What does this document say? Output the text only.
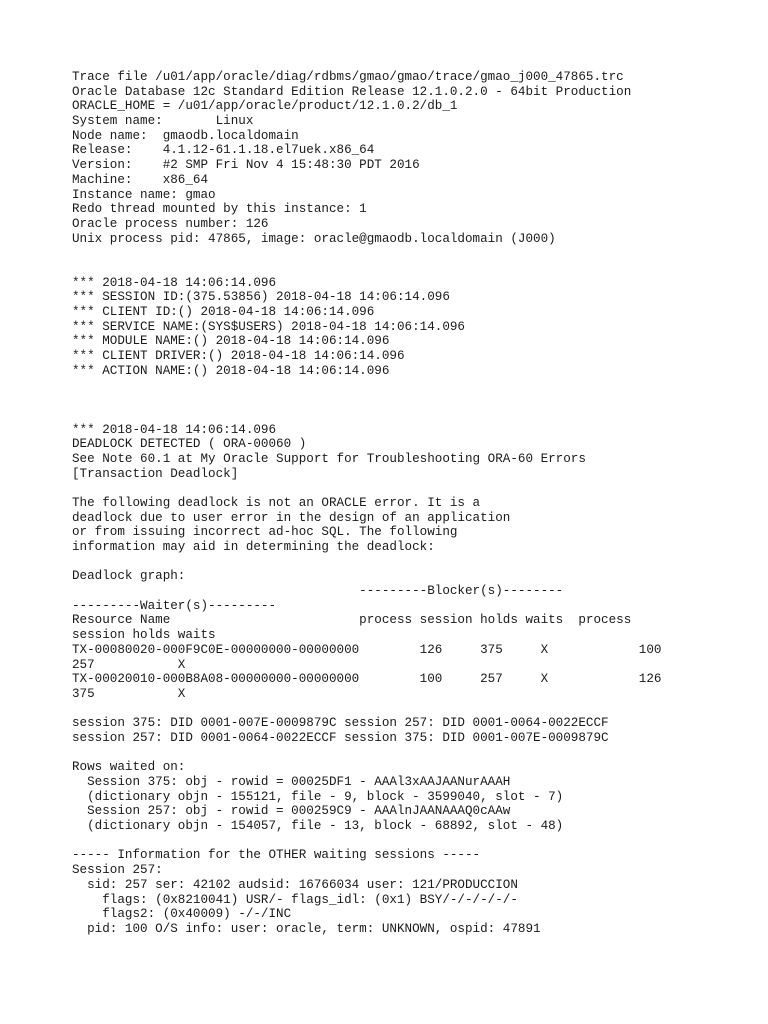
Trace file /u01/app/oracle/diag/rdbms/gmao/gmao/trace/gmao_j000_47865.trc
Oracle Database 12c Standard Edition Release 12.1.0.2.0 - 64bit Production
ORACLE_HOME = /u01/app/oracle/product/12.1.0.2/db_1
System name:       Linux
Node name:  gmaodb.localdomain
Release:    4.1.12-61.1.18.el7uek.x86_64
Version:    #2 SMP Fri Nov 4 15:48:30 PDT 2016
Machine:    x86_64
Instance name: gmao
Redo thread mounted by this instance: 1
Oracle process number: 126
Unix process pid: 47865, image: oracle@gmaodb.localdomain (J000)
*** 2018-04-18 14:06:14.096
*** SESSION ID:(375.53856) 2018-04-18 14:06:14.096
*** CLIENT ID:() 2018-04-18 14:06:14.096
*** SERVICE NAME:(SYS$USERS) 2018-04-18 14:06:14.096
*** MODULE NAME:() 2018-04-18 14:06:14.096
*** CLIENT DRIVER:() 2018-04-18 14:06:14.096
*** ACTION NAME:() 2018-04-18 14:06:14.096
*** 2018-04-18 14:06:14.096
DEADLOCK DETECTED ( ORA-00060 )
See Note 60.1 at My Oracle Support for Troubleshooting ORA-60 Errors
[Transaction Deadlock]
The following deadlock is not an ORACLE error. It is a
deadlock due to user error in the design of an application
or from issuing incorrect ad-hoc SQL. The following
information may aid in determining the deadlock:
Deadlock graph:
---------Blocker(s)--------
---------Waiter(s)---------
Resource Name                         process session holds waits  process
session holds waits
TX-00080020-000F9C0E-00000000-00000000        126     375     X            100
257           X
TX-00020010-000B8A08-00000000-00000000        100     257     X            126
375           X
session 375: DID 0001-007E-0009879C session 257: DID 0001-0064-0022ECCF
session 257: DID 0001-0064-0022ECCF session 375: DID 0001-007E-0009879C
Rows waited on:
Session 375: obj - rowid = 00025DF1 - AAAl3xAAJAANurAAAH
(dictionary objn - 155121, file - 9, block - 3599040, slot - 7)
Session 257: obj - rowid = 000259C9 - AAAlnJAANAAAQ0cAAw
(dictionary objn - 154057, file - 13, block - 68892, slot - 48)
----- Information for the OTHER waiting sessions -----
Session 257:
sid: 257 ser: 42102 audsid: 16766034 user: 121/PRODUCCION
flags: (0x8210041) USR/- flags_idl: (0x1) BSY/-/-/-/-/-
flags2: (0x40009) -/-/INC
pid: 100 O/S info: user: oracle, term: UNKNOWN, ospid: 47891
